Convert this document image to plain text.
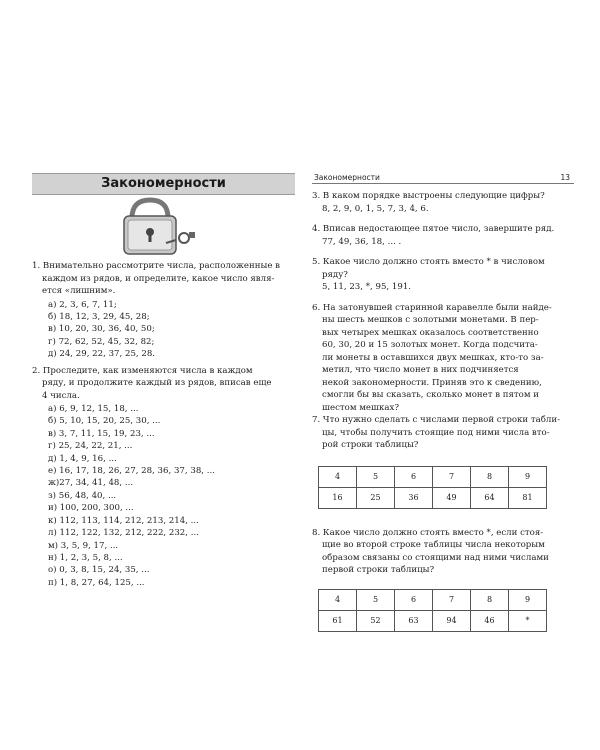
Закономерности

1. Внимательно рассмотрите числа, расположенные в

каждом из рядов, и определите, какое число явля-

ется «лишним».

а) 2, 3, 6, 7, 11;
б) 18, 12, 3, 29, 45, 28;
в) 10, 20, 30, 36, 40, 50;
г) 72, 62, 52, 45, 32, 82;
д) 24, 29, 22, 37, 25, 28.

2. Проследите, как изменяются числа в каждом

ряду, и продолжите каждый из рядов, вписав еще

4 числа.

а) 6, 9, 12, 15, 18, ...
б) 5, 10, 15, 20, 25, 30, ...
в) 3, 7, 11, 15, 19, 23, ...
г) 25, 24, 22, 21, ...
д) 1, 4, 9, 16, ...
е) 16, 17, 18, 26, 27, 28, 36, 37, 38, ...
ж)27, 34, 41, 48, ...
з) 56, 48, 40, ...
и) 100, 200, 300, ...
к) 112, 113, 114, 212, 213, 214, ...
л) 112, 122, 132, 212, 222, 232, ...
м) 3, 5, 9, 17, ...
н) 1, 2, 3, 5, 8, ...
о) 0, 3, 8, 15, 24, 35, ...
п) 1, 8, 27, 64, 125, ...
Закономерности	13

3. В каком порядке выстроены следующие цифры?

8, 2, 9, 0, 1, 5, 7, 3, 4, 6.

4. Впиcав недостающее пятое число, завершите ряд.

77, 49, 36, 18, ... .

5. Какое число должно стоять вместо * в числовом

ряду?

5, 11, 23, *, 95, 191.

6. На затонувшей старинной каравелле были найде-

ны шесть мешков с золотыми монетами. В пер-

вых четырех мешках оказалось соответственно

60, 30, 20 и 15 золотых монет. Когда подсчита-

ли монеты в оставшихся двух мешках, кто-то за-

метил, что число монет в них подчиняется

некой закономерности. Приняв это к сведению,

смогли бы вы сказать, сколько монет в пятом и

шестом мешках?

7. Что нужно сделать с числами первой строки табли-

цы, чтобы получить стоящие под ними числа вто-

рой строки таблицы?

4	5	6	7	8	9
16	25	36	49	64	81

8. Какое число должно стоять вместо *, если стоя-

щие во второй строке таблицы числа некоторым

образом связаны со стоящими над ними числами

первой строки таблицы?

4	5	6	7	8	9
61	52	63	94	46	*
